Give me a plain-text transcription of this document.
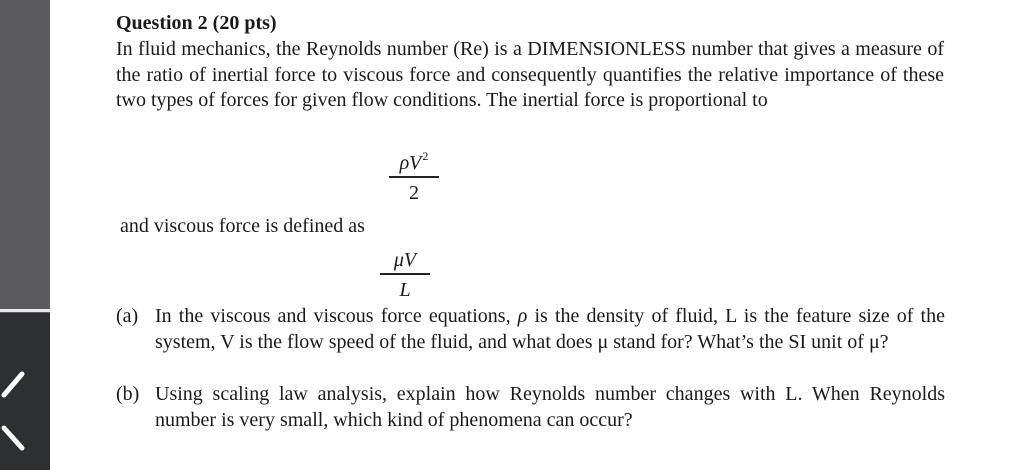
Question 2 (20 pts)
In fluid mechanics, the Reynolds number (Re) is a DIMENSIONLESS number that gives a measure of the ratio of inertial force to viscous force and consequently quantifies the relative importance of these two types of forces for given flow conditions. The inertial force is proportional to
$\rho V^2$
2
and viscous force is defined as
μV
L
(a) In the viscous and viscous force equations, ρ is the density of fluid, L is the feature size of the system, V is the flow speed of the fluid, and what does μ stand for? What’s the SI unit of μ?
(b) Using scaling law analysis, explain how Reynolds number changes with L. When Reynolds number is very small, which kind of phenomena can occur?
